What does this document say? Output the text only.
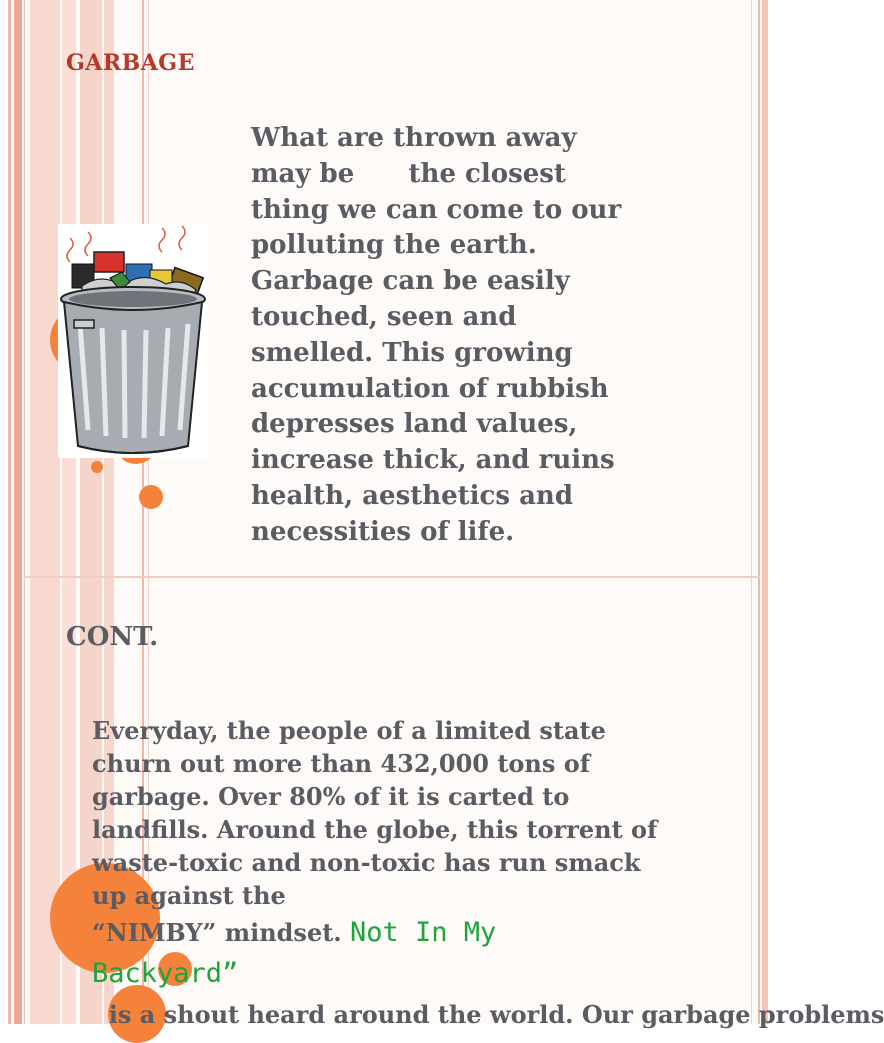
GARBAGE
What are thrown away
may be      the closest
thing we can come to our
polluting the earth.
Garbage can be easily
touched, seen and
smelled. This growing
accumulation of rubbish
depresses land values,
increase thick, and ruins
health, aesthetics and
necessities of life.
CONT.
Everyday, the people of a limited state churn out more than 432,000 tons of garbage. Over 80% of it is carted to landfills. Around the globe, this torrent of waste-toxic and non-toxic has run smack up against the “NIMBY” mindset. Not In My Backyard”  is a shout heard around the world. Our garbage problems
